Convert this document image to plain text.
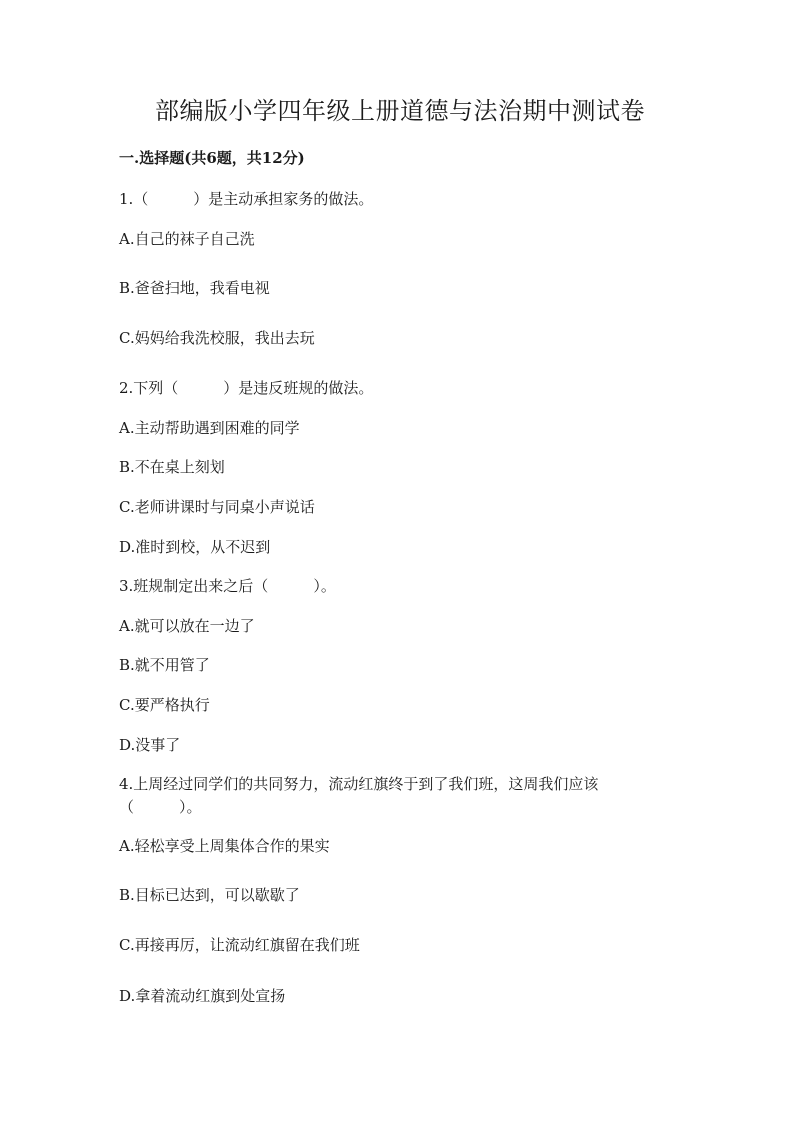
部编版小学四年级上册道德与法治期中测试卷
一.选择题(共6题，共12分)
1.（　　　）是主动承担家务的做法。
A.自己的袜子自己洗
B.爸爸扫地，我看电视
C.妈妈给我洗校服，我出去玩
2.下列（　　　）是违反班规的做法。
A.主动帮助遇到困难的同学
B.不在桌上刻划
C.老师讲课时与同桌小声说话
D.准时到校，从不迟到
3.班规制定出来之后（　　　）。
A.就可以放在一边了
B.就不用管了
C.要严格执行
D.没事了
4.上周经过同学们的共同努力，流动红旗终于到了我们班，这周我们应该（　　　）。
A.轻松享受上周集体合作的果实
B.目标已达到，可以歇歇了
C.再接再厉，让流动红旗留在我们班
D.拿着流动红旗到处宣扬
